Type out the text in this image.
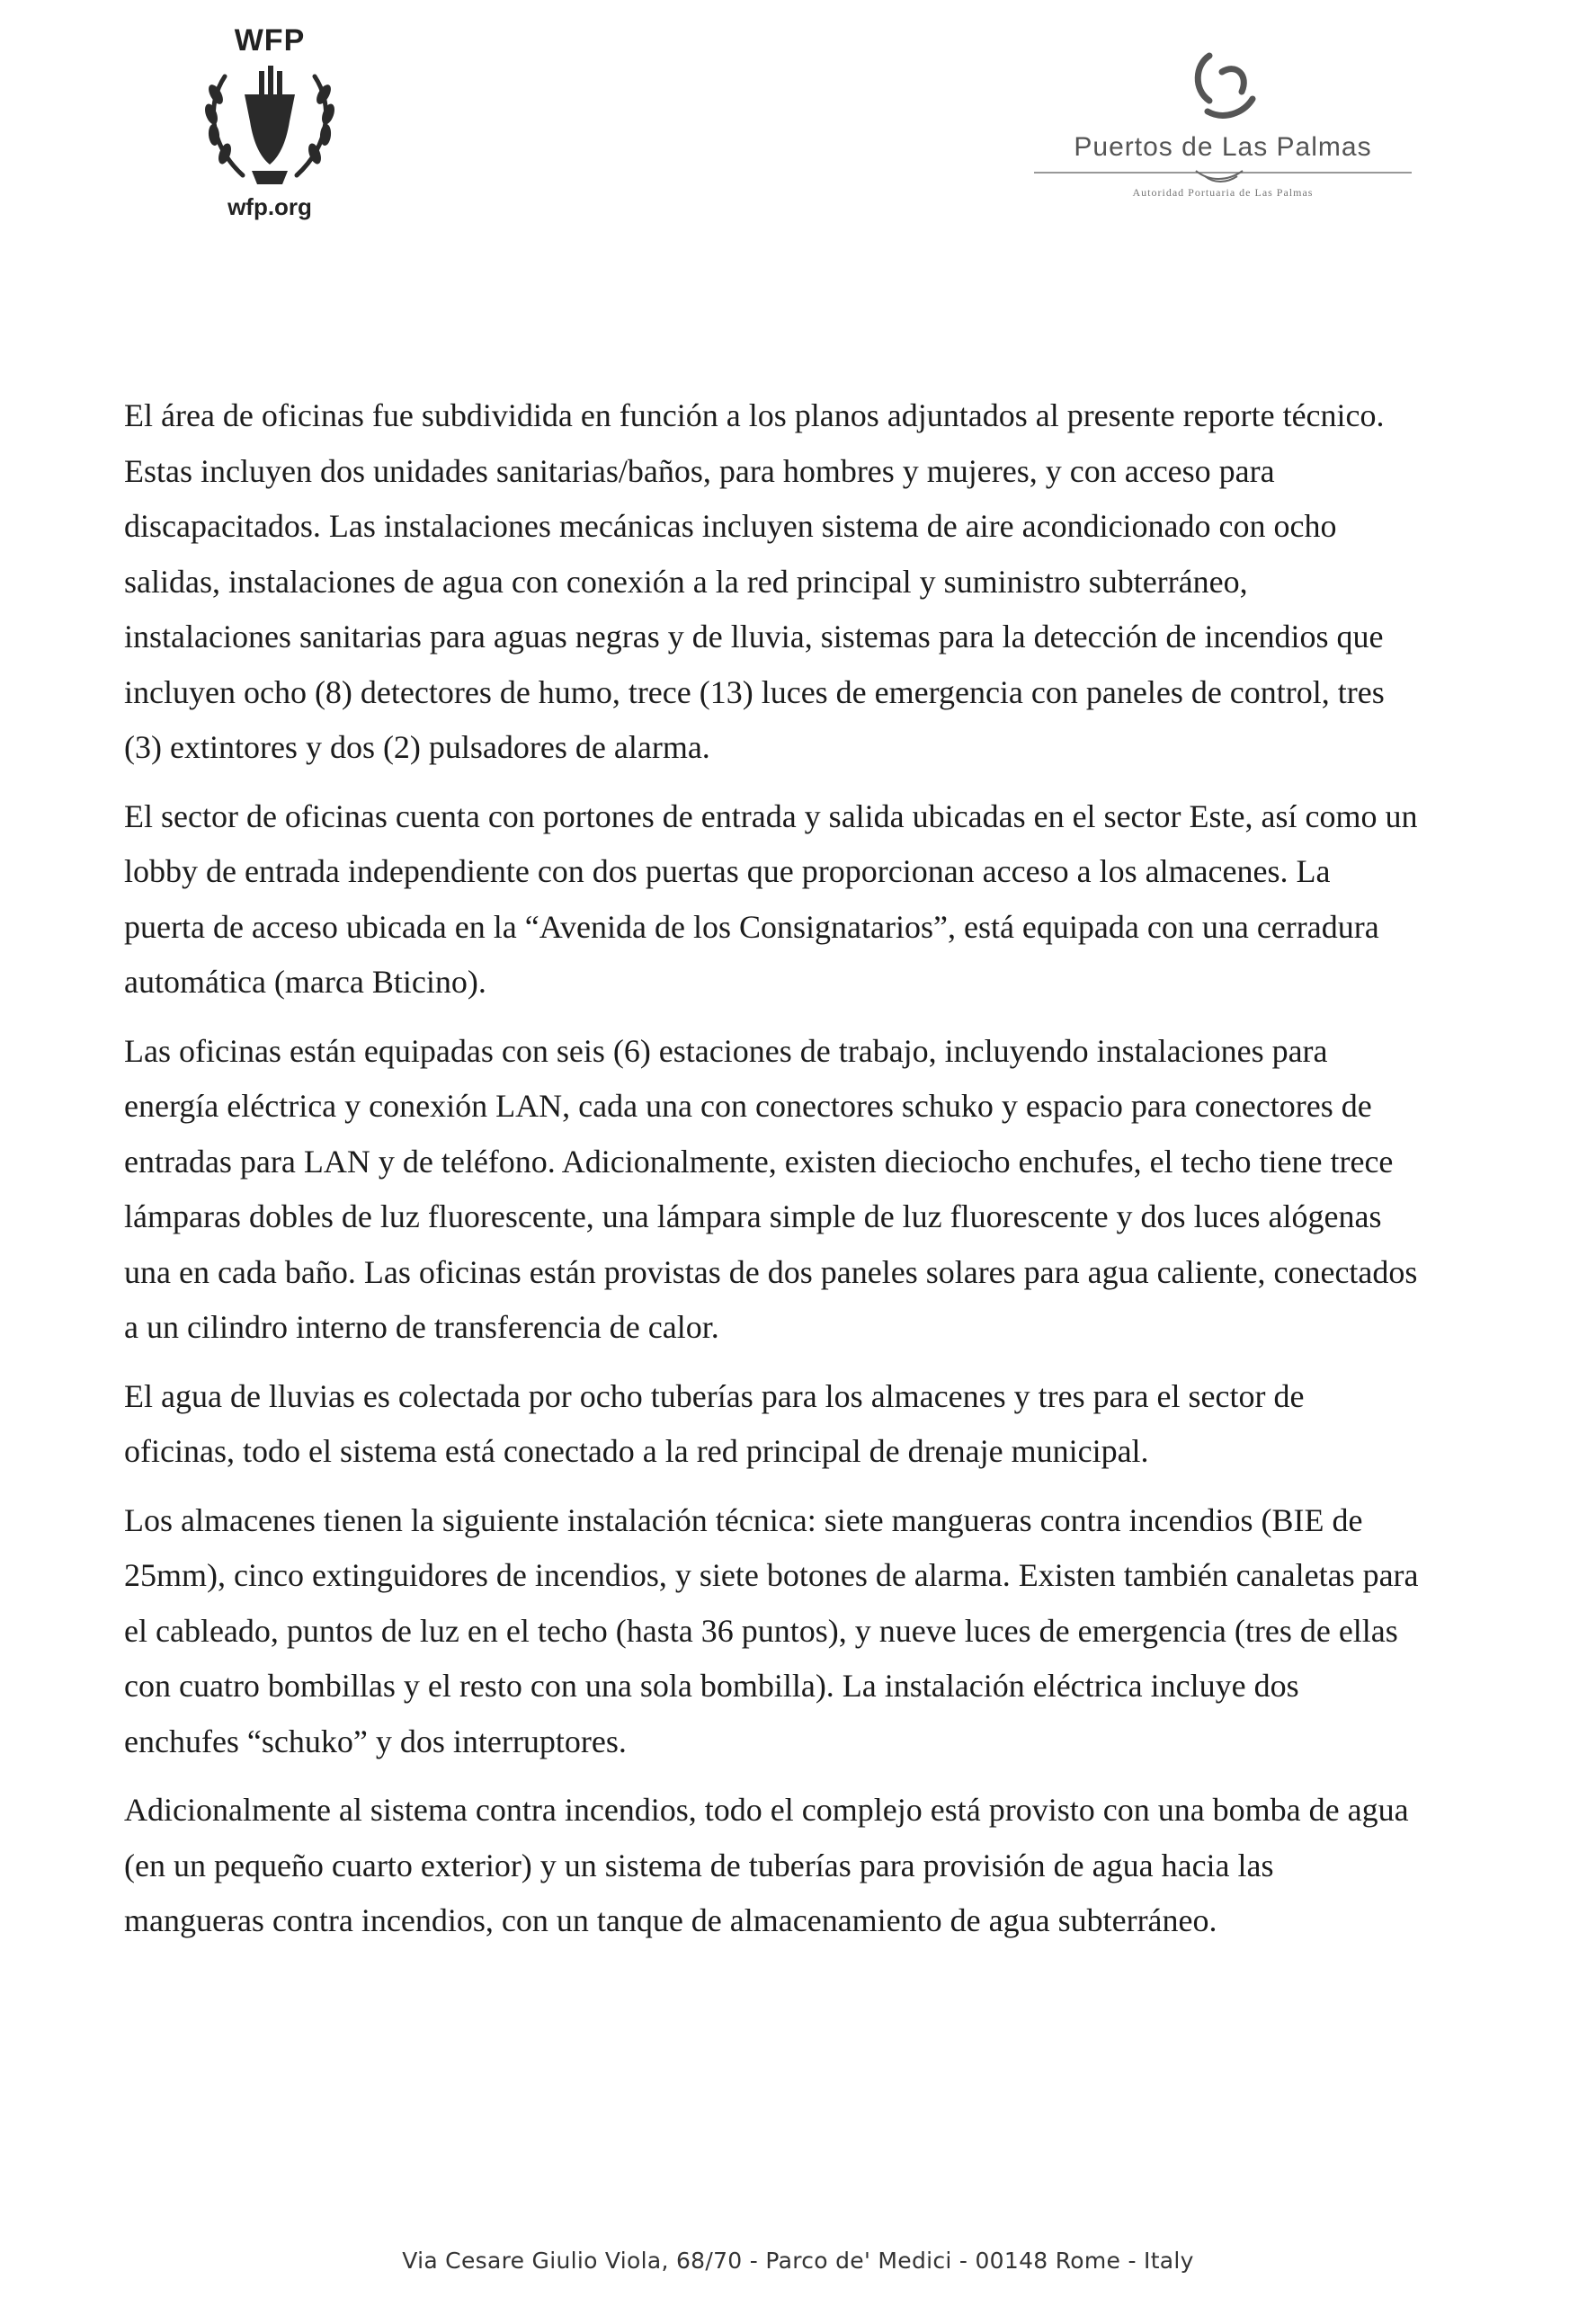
WFP
wfp.org
Puertos de Las Palmas
Autoridad Portuaria de Las Palmas

El área de oficinas fue subdividida en función a los planos adjuntados al presente reporte técnico. Estas incluyen dos unidades sanitarias/baños, para hombres y mujeres, y con acceso para discapacitados. Las instalaciones mecánicas incluyen sistema de aire acondicionado con ocho salidas, instalaciones de agua con conexión a la red principal y suministro subterráneo, instalaciones sanitarias para aguas negras y de lluvia, sistemas para la detección de incendios que incluyen ocho (8) detectores de humo, trece (13) luces de emergencia con paneles de control, tres (3) extintores y dos (2) pulsadores de alarma.

El sector de oficinas cuenta con portones de entrada y salida ubicadas en el sector Este, así como un lobby de entrada independiente con dos puertas que proporcionan acceso a los almacenes. La puerta de acceso ubicada en la “Avenida de los Consignatarios”, está equipada con una cerradura automática (marca Bticino).

Las oficinas están equipadas con seis (6) estaciones de trabajo, incluyendo instalaciones para energía eléctrica y conexión LAN, cada una con conectores schuko y espacio para conectores de entradas para LAN y de teléfono. Adicionalmente, existen dieciocho enchufes, el techo tiene trece lámparas dobles de luz fluorescente, una lámpara simple de luz fluorescente y dos luces alógenas una en cada baño. Las oficinas están provistas de dos paneles solares para agua caliente, conectados a un cilindro interno de transferencia de calor.

El agua de lluvias es colectada por ocho tuberías para los almacenes y tres para el sector de oficinas, todo el sistema está conectado a la red principal de drenaje municipal.

Los almacenes tienen la siguiente instalación técnica: siete mangueras contra incendios (BIE de 25mm), cinco extinguidores de incendios, y siete botones de alarma. Existen también canaletas para el cableado, puntos de luz en el techo (hasta 36 puntos), y nueve luces de emergencia (tres de ellas con cuatro bombillas y el resto con una sola bombilla). La instalación eléctrica incluye dos enchufes “schuko” y dos interruptores.

Adicionalmente al sistema contra incendios, todo el complejo está provisto con una bomba de agua (en un pequeño cuarto exterior) y un sistema de tuberías para provisión de agua hacia las mangueras contra incendios, con un tanque de almacenamiento de agua subterráneo.

Via Cesare Giulio Viola, 68/70 - Parco de' Medici - 00148 Rome - Italy
